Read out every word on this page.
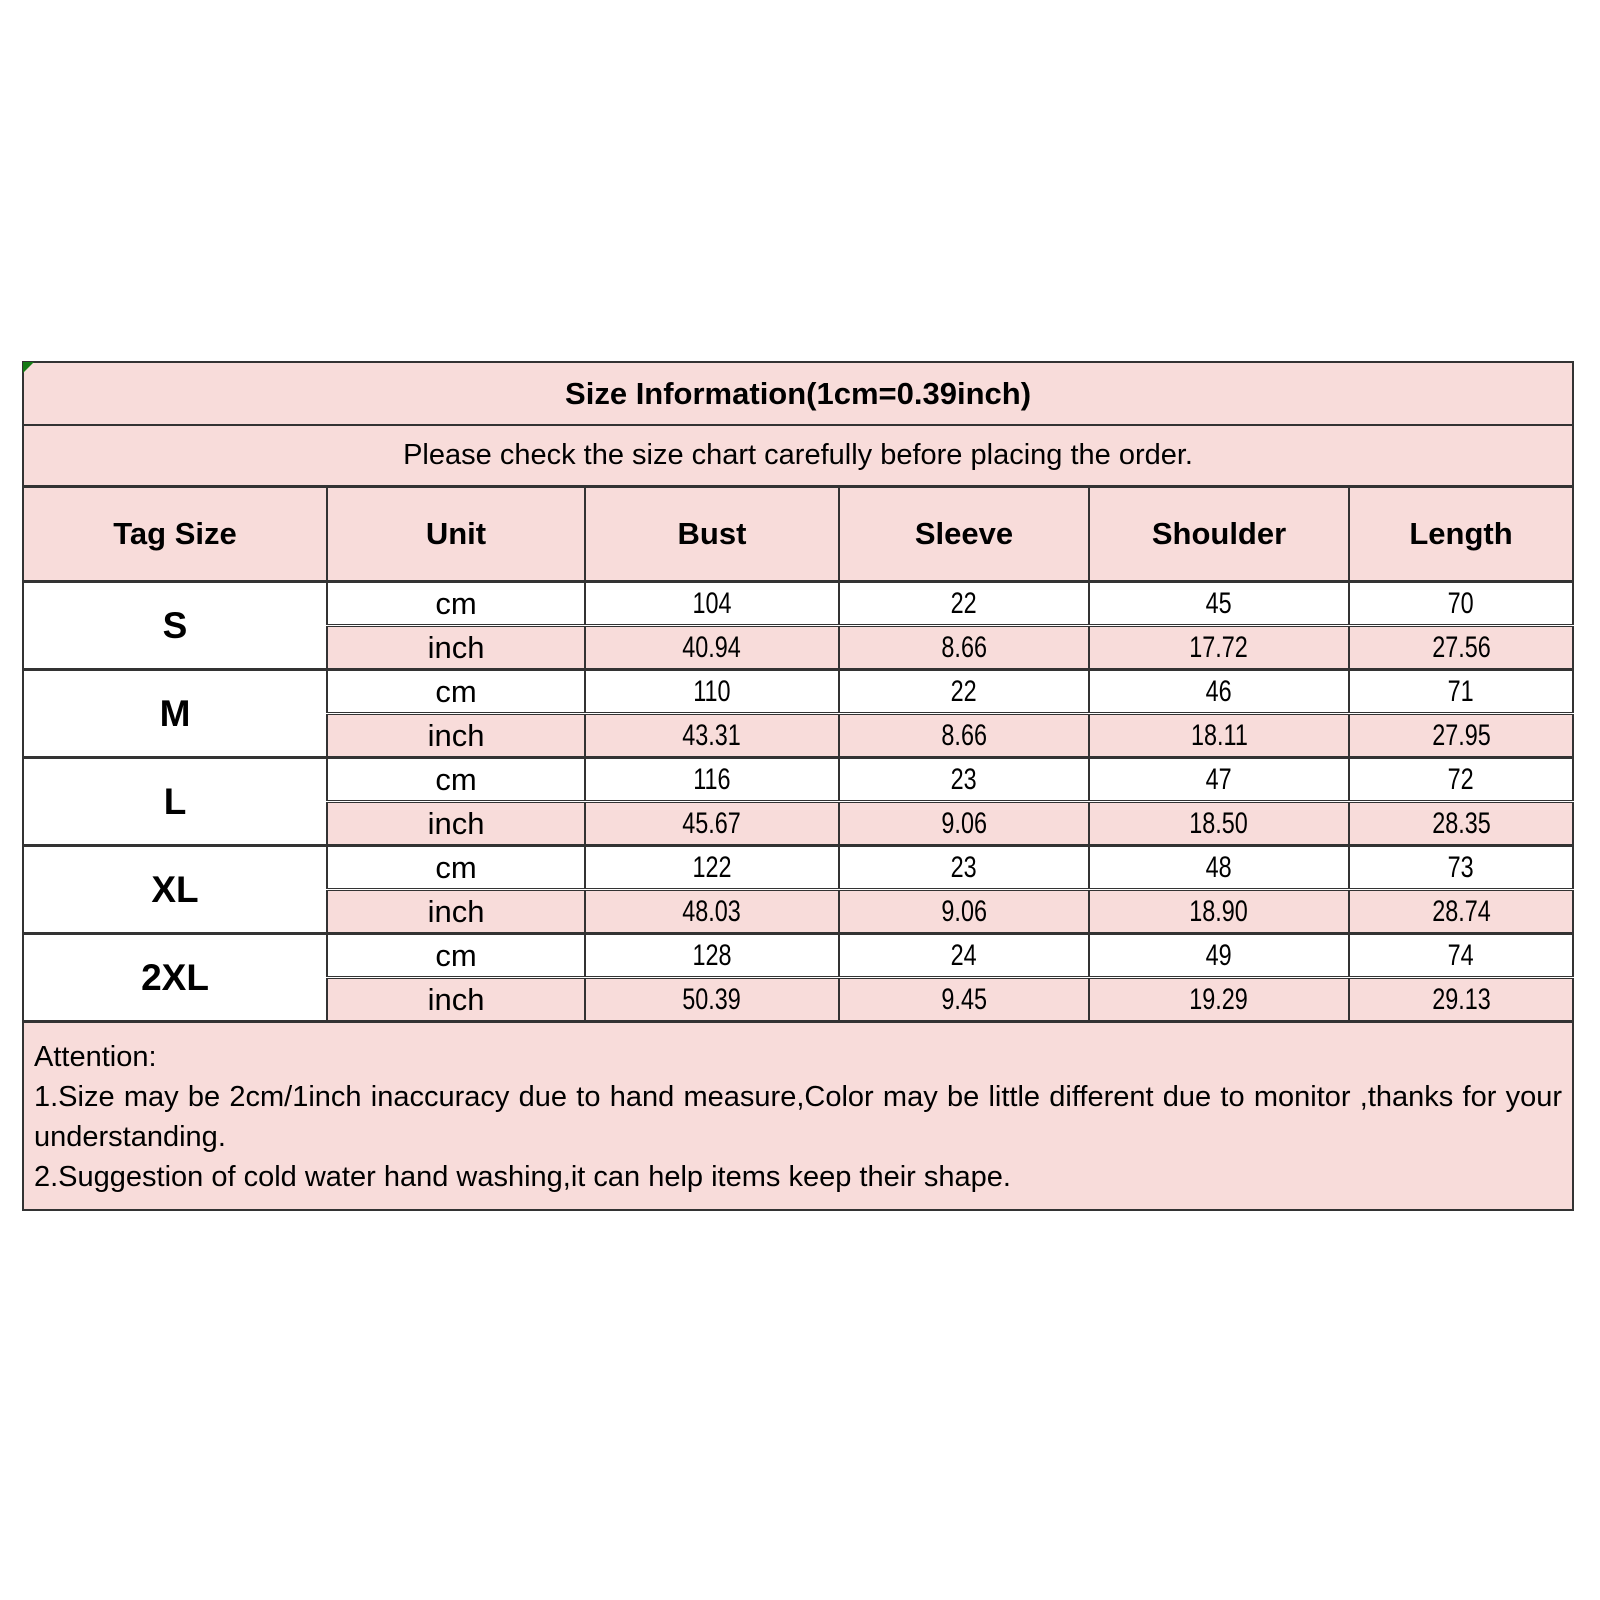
Size Information(1cm=0.39inch)					
Please check the size chart carefully before placing the order.					
Tag Size	Unit	Bust	Sleeve	Shoulder	Length
S	cm	104	22	45	70
	inch	40.94	8.66	17.72	27.56
M	cm	110	22	46	71
	inch	43.31	8.66	18.11	27.95
L	cm	116	23	47	72
	inch	45.67	9.06	18.50	28.35
XL	cm	122	23	48	73
	inch	48.03	9.06	18.90	28.74
2XL	cm	128	24	49	74
	inch	50.39	9.45	19.29	29.13

Attention:
1.Size may be 2cm/1inch inaccuracy due to hand measure,Color may be little different due to monitor ,thanks for your understanding.
2.Suggestion of cold water hand washing,it can help items keep their shape.					
